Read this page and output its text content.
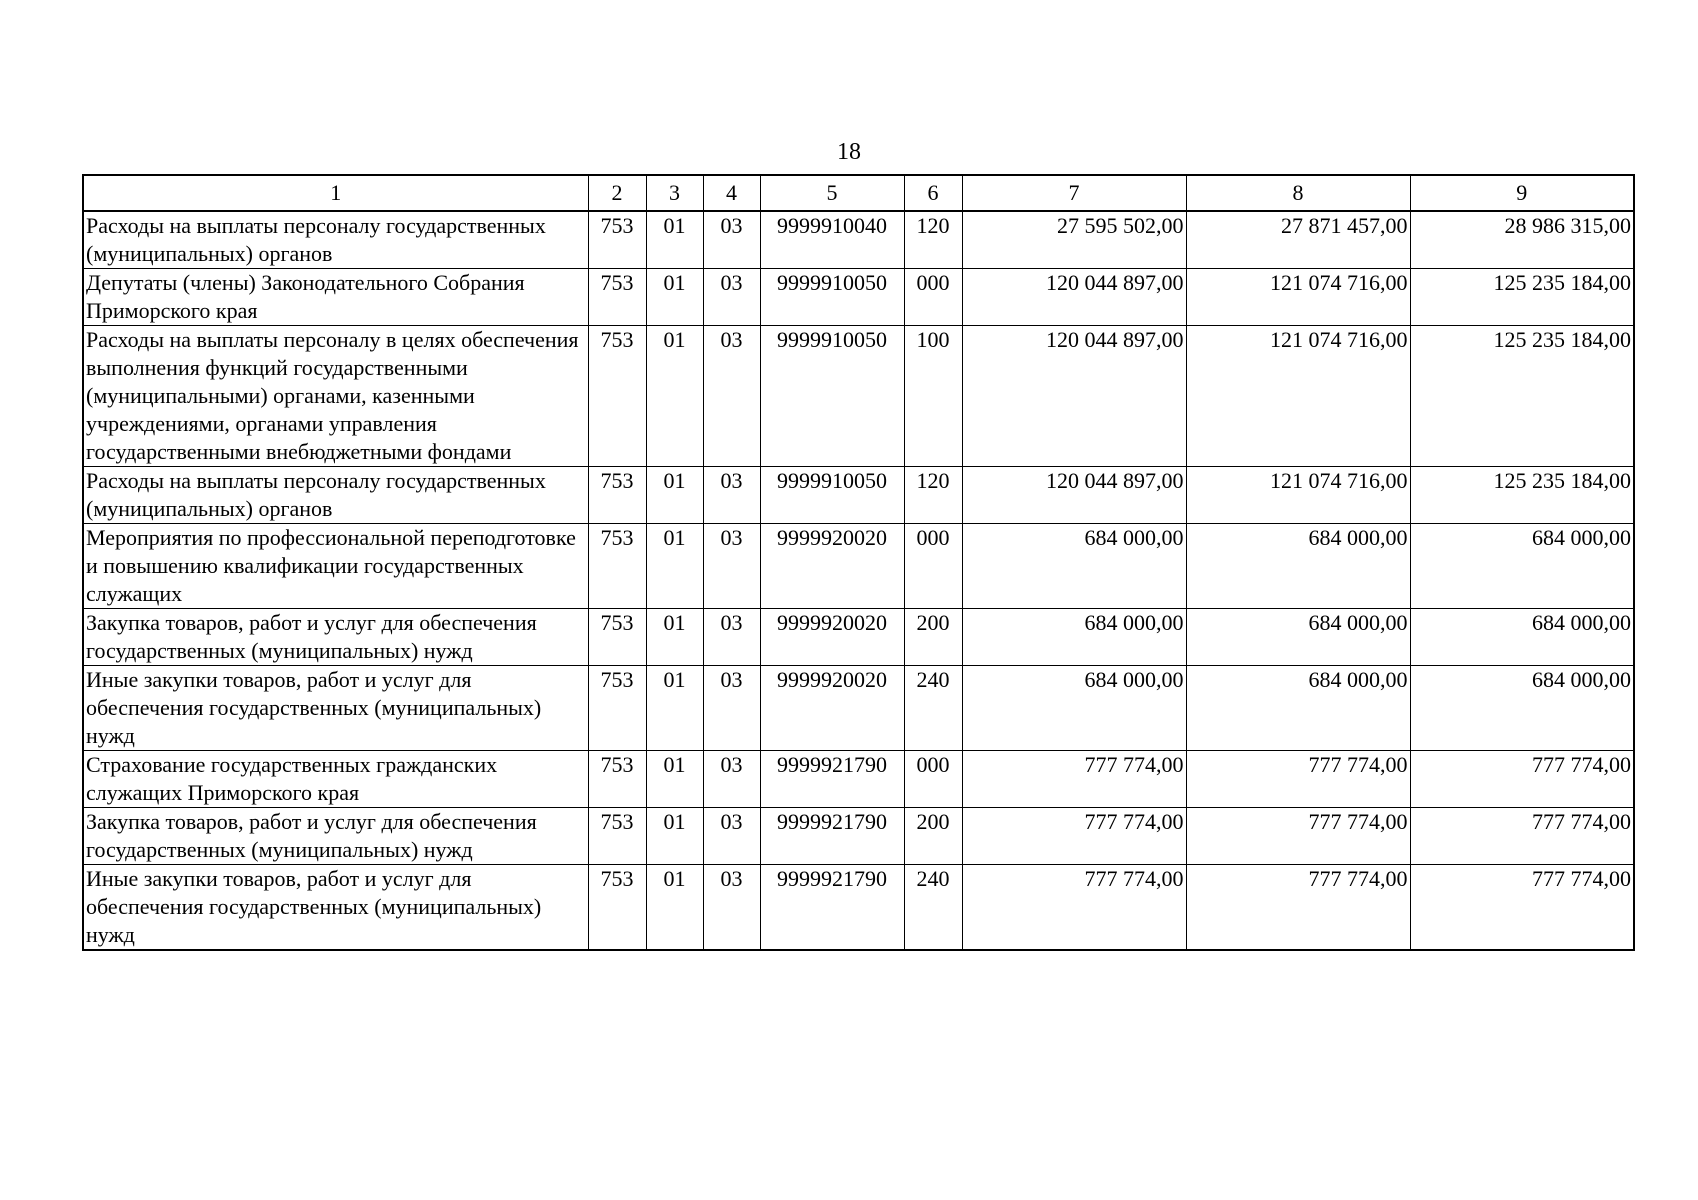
18
1	2	3	4	5	6	7	8	9
Расходы на выплаты персоналу государственных (муниципальных) органов	753	01	03	9999910040	120	27 595 502,00	27 871 457,00	28 986 315,00
Депутаты (члены) Законодательного Собрания Приморского края	753	01	03	9999910050	000	120 044 897,00	121 074 716,00	125 235 184,00
Расходы на выплаты персоналу в целях обеспечения выполнения функций государственными (муниципальными) органами, казенными учреждениями, органами управления государственными внебюджетными фондами	753	01	03	9999910050	100	120 044 897,00	121 074 716,00	125 235 184,00
Расходы на выплаты персоналу государственных (муниципальных) органов	753	01	03	9999910050	120	120 044 897,00	121 074 716,00	125 235 184,00
Мероприятия по профессиональной переподготовке и повышению квалификации государственных служащих	753	01	03	9999920020	000	684 000,00	684 000,00	684 000,00
Закупка товаров, работ и услуг для обеспечения государственных (муниципальных) нужд	753	01	03	9999920020	200	684 000,00	684 000,00	684 000,00
Иные закупки товаров, работ и услуг для обеспечения государственных (муниципальных) нужд	753	01	03	9999920020	240	684 000,00	684 000,00	684 000,00
Страхование государственных гражданских служащих Приморского края	753	01	03	9999921790	000	777 774,00	777 774,00	777 774,00
Закупка товаров, работ и услуг для обеспечения государственных (муниципальных) нужд	753	01	03	9999921790	200	777 774,00	777 774,00	777 774,00
Иные закупки товаров, работ и услуг для обеспечения государственных (муниципальных) нужд	753	01	03	9999921790	240	777 774,00	777 774,00	777 774,00
